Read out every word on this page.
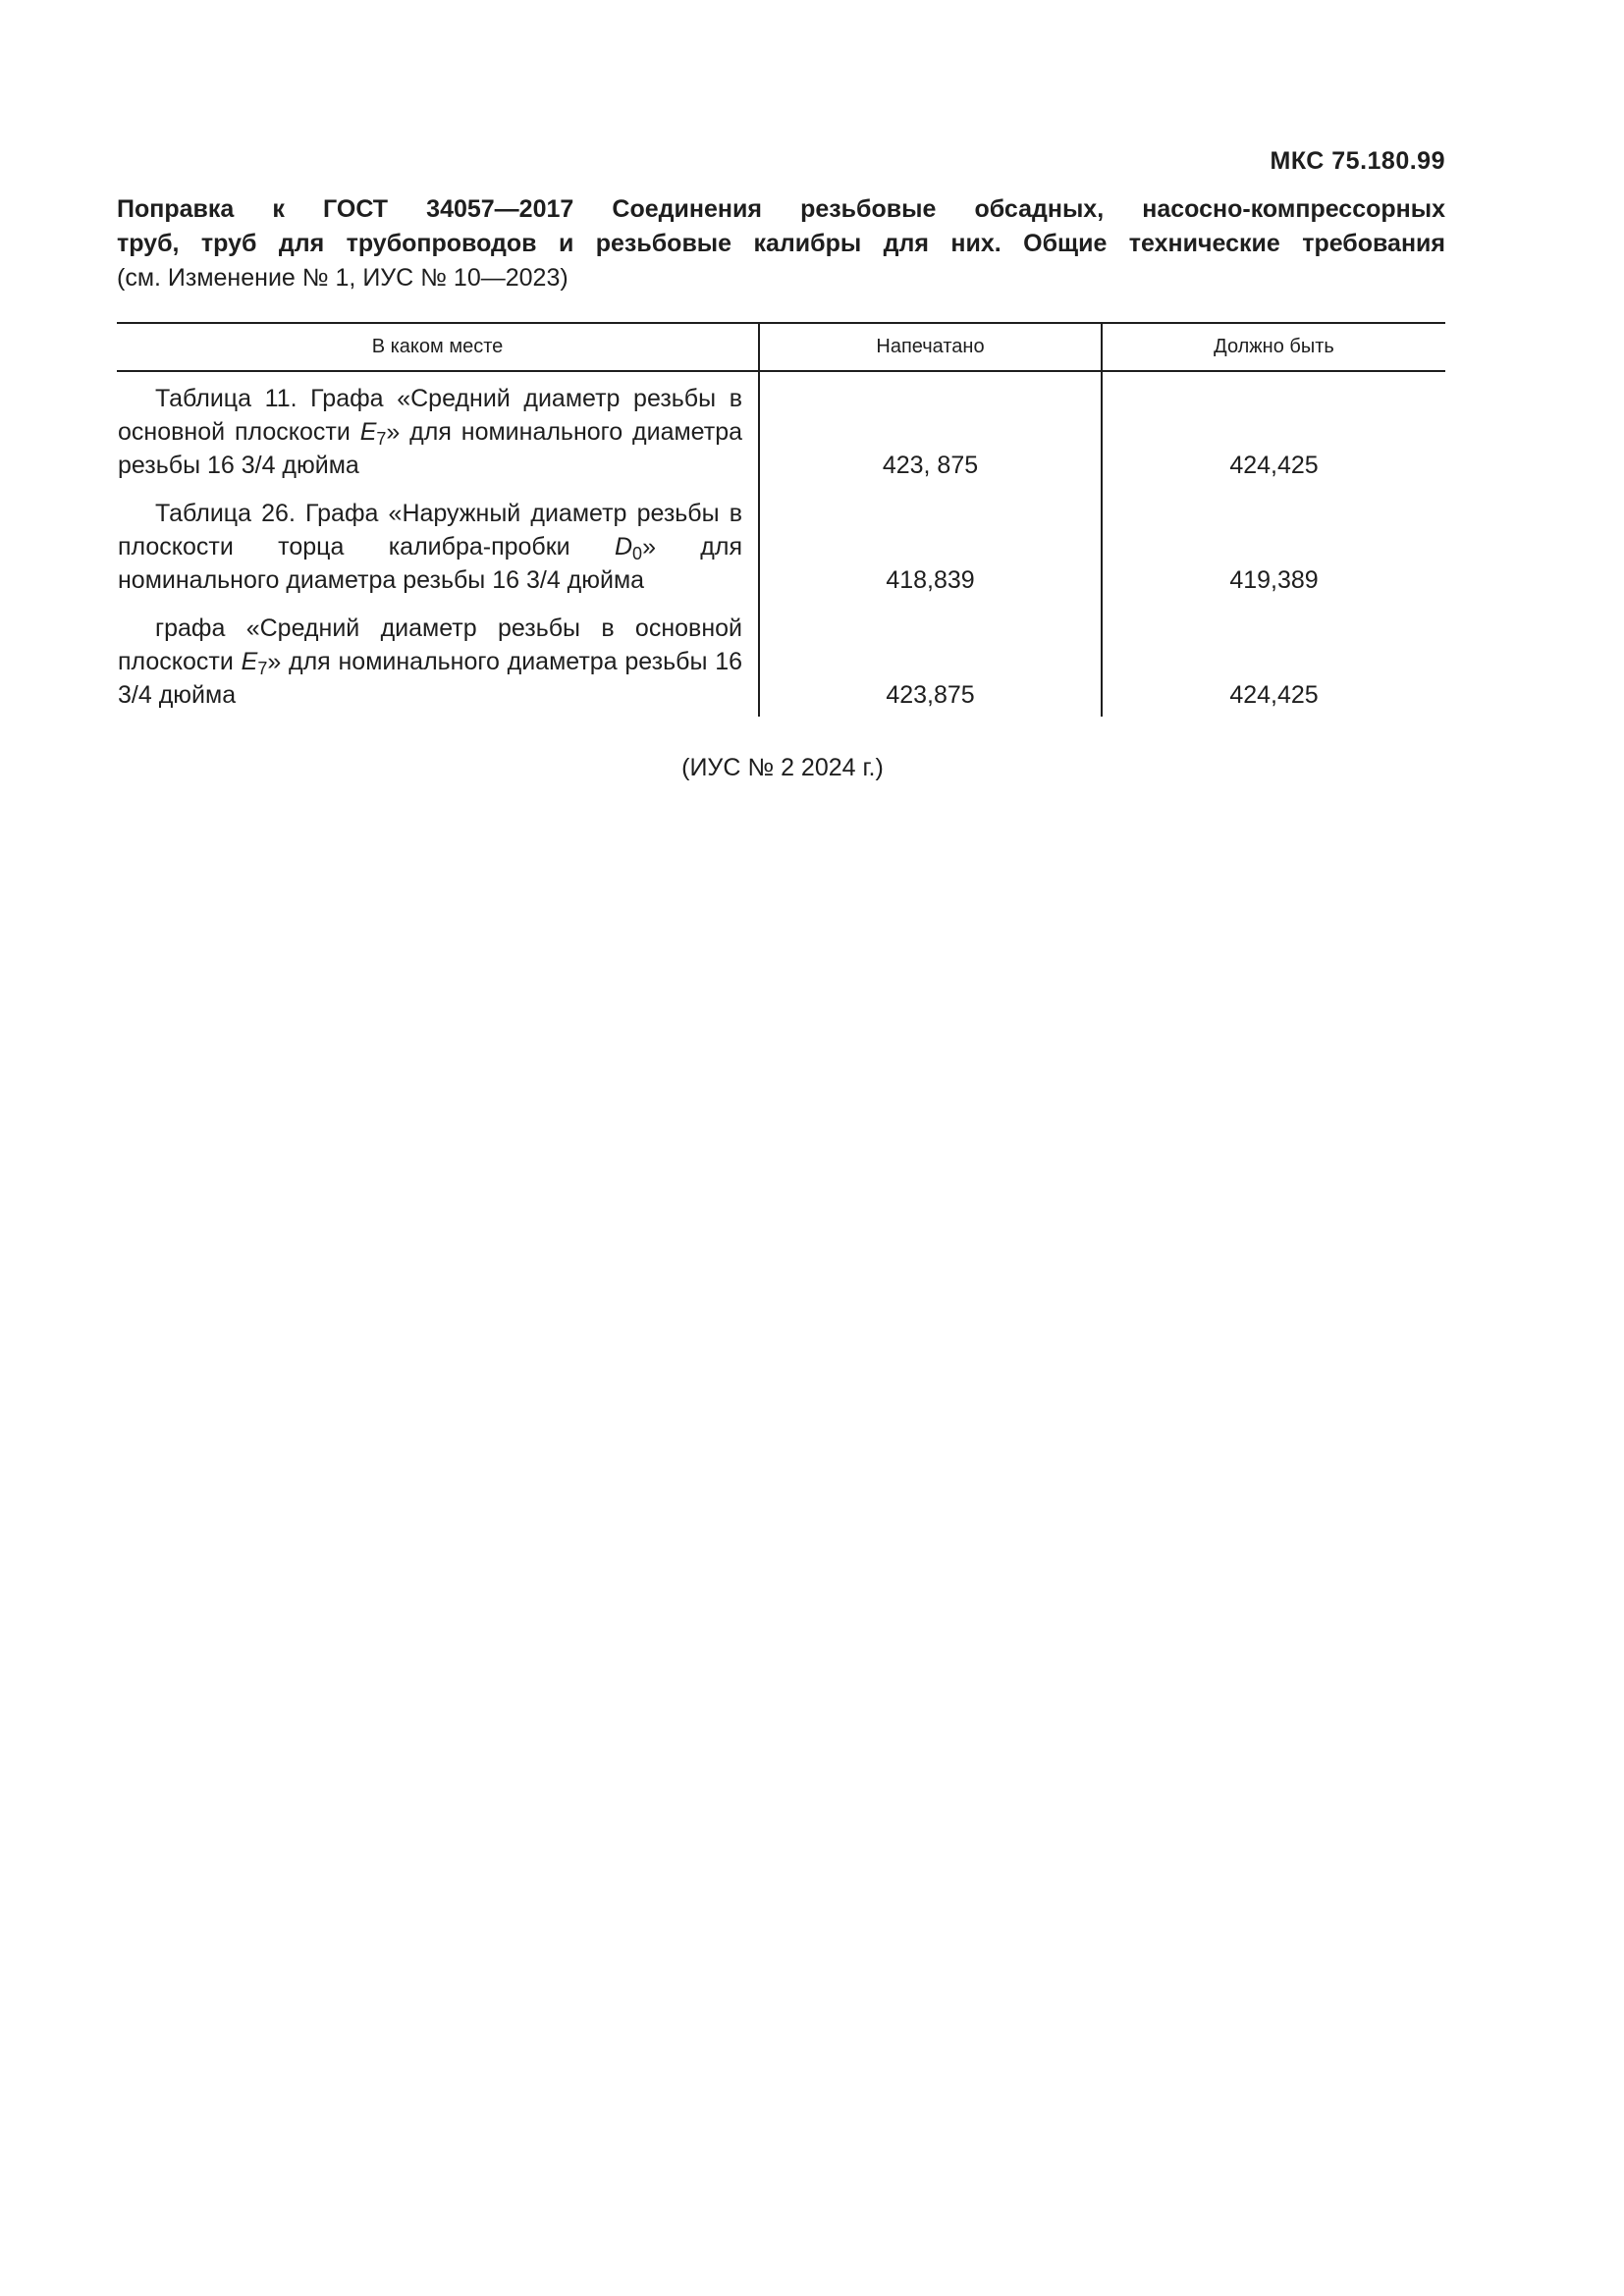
МКС 75.180.99
Поправка к ГОСТ 34057—2017 Соединения резьбовые обсадных, насосно-компрессорных
труб, труб для трубопроводов и резьбовые калибры для них. Общие технические требования
(см. Изменение № 1, ИУС № 10—2023)
В каком месте	Напечатано	Должно быть
Таблица 11. Графа «Средний диаметр резьбы в основной плоскости $E_7$» для номинального диаметра резьбы 16 3/4 дюйма	423, 875	424,425
Таблица 26. Графа «Наружный диаметр резьбы в плоскости торца калибра-пробки $D_0$» для номинального диаметра резьбы 16 3/4 дюйма	418,839	419,389
графа «Средний диаметр резьбы в основной плоскости $E_7$» для номинального диаметра резьбы 16 3/4 дюйма	423,875	424,425
(ИУС № 2 2024 г.)
